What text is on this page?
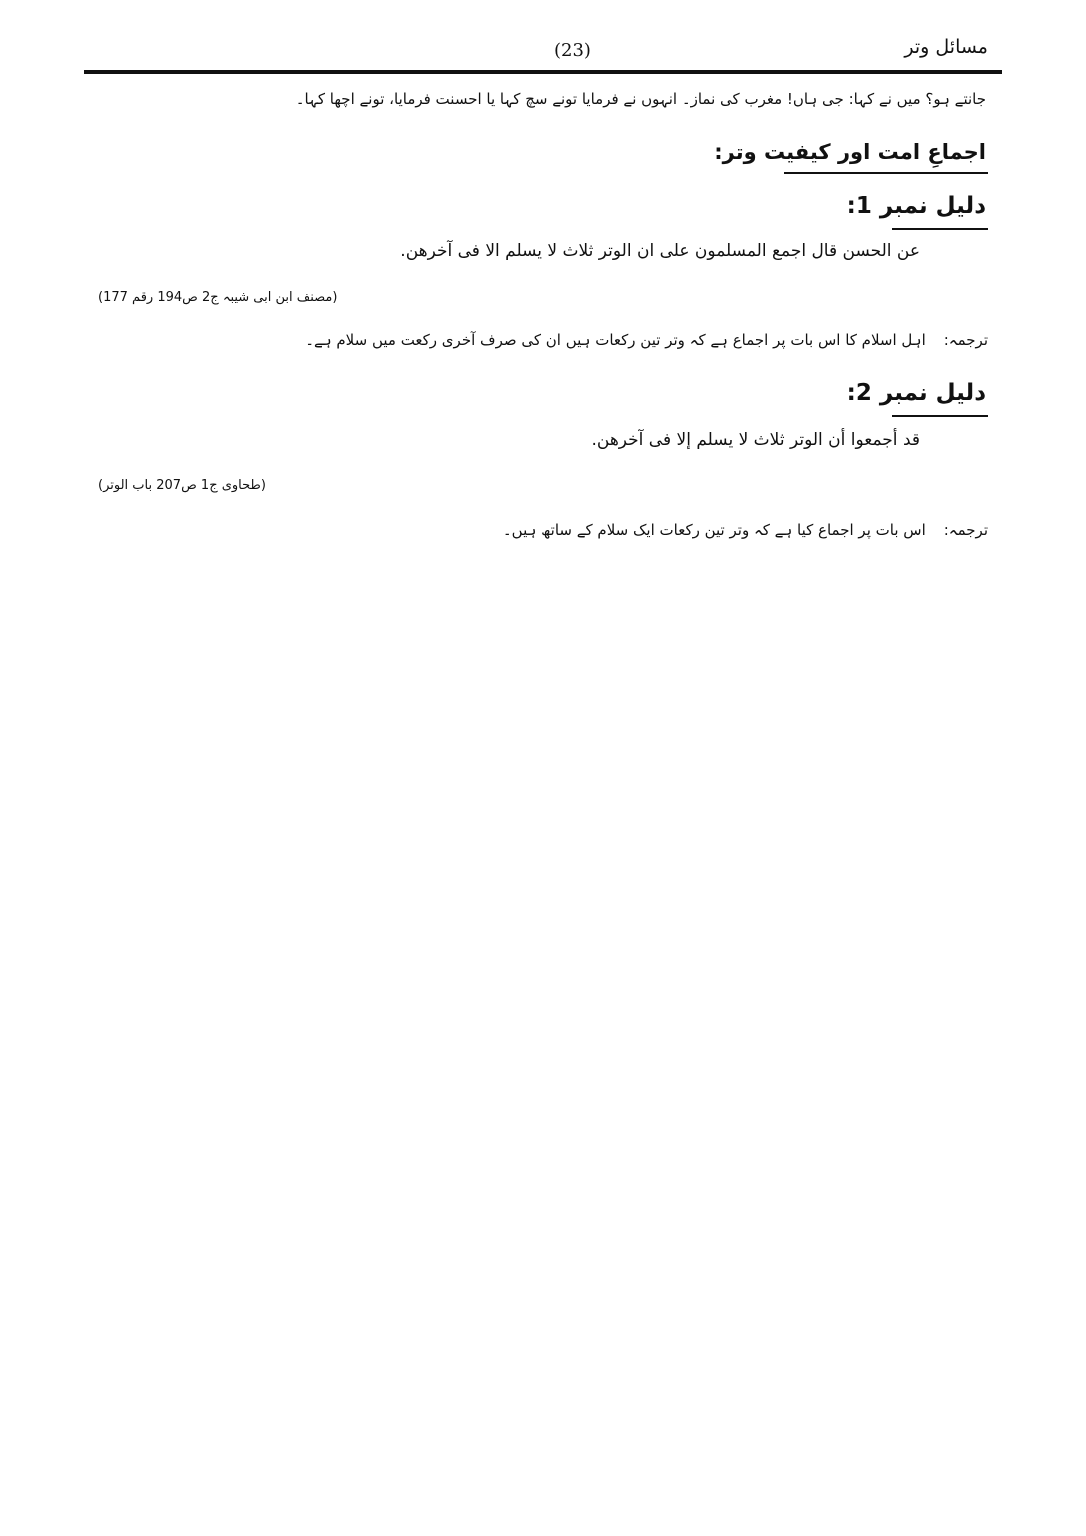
مسائل وتر
(23)
جانتے ہو؟ میں نے کہا: جی ہاں! مغرب کی نماز۔ انہوں نے فرمایا تونے سچ کہا یا احسنت فرمایا، تونے اچھا کہا۔
اجماعِ امت اور کیفیت وتر:
دلیل نمبر 1:
عن الحسن قال اجمع المسلمون علی ان الوتر ثلاث لا یسلم الا فی آخرھن.
(مصنف ابن ابی شیبہ ج2 ص194 رقم 177)
ترجمہ:اہل اسلام کا اس بات پر اجماع ہے کہ وتر تین رکعات ہیں ان کی صرف آخری رکعت میں سلام ہے۔
دلیل نمبر 2:
قد أجمعوا أن الوتر ثلاث لا یسلم إلا فی آخرھن.
(طحاوی ج1 ص207 باب الوتر)
ترجمہ:اس بات پر اجماع کیا ہے کہ وتر تین رکعات ایک سلام کے ساتھ ہیں۔
